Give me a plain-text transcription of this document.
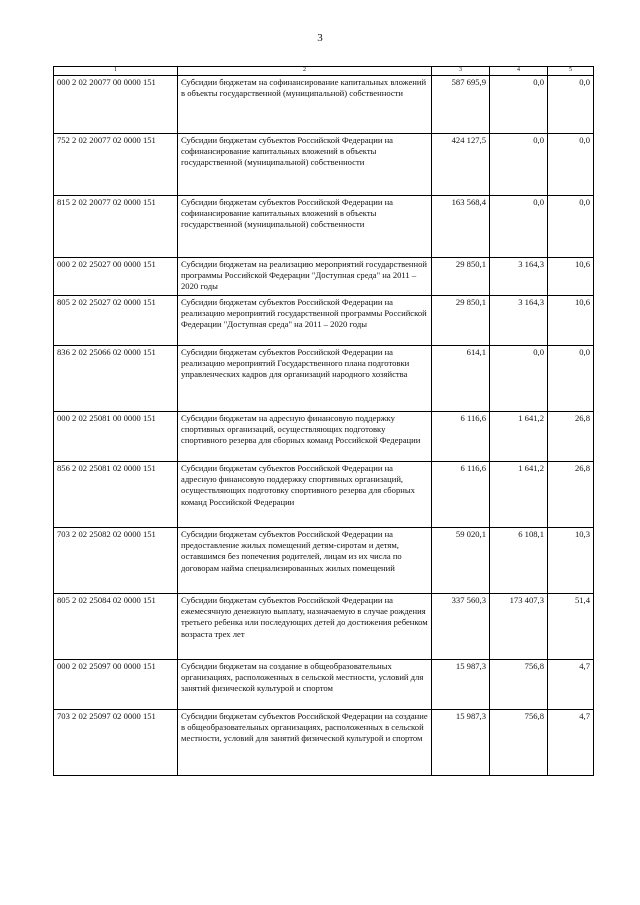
3
1	2	3	4	5
000 2 02 20077 00 0000 151	Субсидии бюджетам на софинансирование капитальных вложений в объекты государственной (муниципальной) собственности	587 695,9	0,0	0,0
752 2 02 20077 02 0000 151	Субсидии бюджетам субъектов Российской Федерации на софинансирование капитальных вложений в объекты государственной (муниципальной) собственности	424 127,5	0,0	0,0
815 2 02 20077 02 0000 151	Субсидии бюджетам субъектов Российской Федерации на софинансирование капитальных вложений в объекты государственной (муниципальной) собственности	163 568,4	0,0	0,0
000 2 02 25027 00 0000 151	Субсидии бюджетам на реализацию мероприятий государственной программы Российской Федерации "Доступная среда" на 2011 – 2020 годы	29 850,1	3 164,3	10,6
805 2 02 25027 02 0000 151	Субсидии бюджетам субъектов Российской Федерации на реализацию мероприятий государственной программы Российской Федерации "Доступная среда" на 2011 – 2020 годы	29 850,1	3 164,3	10,6
836 2 02 25066 02 0000 151	Субсидии бюджетам субъектов Российской Федерации на реализацию мероприятий Государственного плана подготовки управленческих кадров для организаций народного хозяйства	614,1	0,0	0,0
000 2 02 25081 00 0000 151	Субсидии бюджетам на адресную финансовую поддержку спортивных организаций, осуществляющих подготовку спортивного резерва для сборных команд Российской Федерации	6 116,6	1 641,2	26,8
856 2 02 25081 02 0000 151	Субсидии бюджетам субъектов Российской Федерации на адресную финансовую поддержку спортивных организаций, осуществляющих подготовку спортивного резерва для сборных команд Российской Федерации	6 116,6	1 641,2	26,8
703 2 02 25082 02 0000 151	Субсидии бюджетам субъектов Российской Федерации на предоставление жилых помещений детям-сиротам и детям, оставшимся без попечения родителей, лицам из их числа по договорам найма специализированных жилых помещений	59 020,1	6 108,1	10,3
805 2 02 25084 02 0000 151	Субсидии бюджетам субъектов Российской Федерации на ежемесячную денежную выплату, назначаемую в случае рождения третьего ребенка или последующих детей до достижения ребенком возраста трех лет	337 560,3	173 407,3	51,4
000 2 02 25097 00 0000 151	Субсидии бюджетам на создание в общеобразовательных организациях, расположенных в сельской местности, условий для занятий физической культурой и спортом	15 987,3	756,8	4,7
703 2 02 25097 02 0000 151	Субсидии бюджетам субъектов Российской Федерации на создание в общеобразовательных организациях, расположенных в сельской местности, условий для занятий физической культурой и спортом	15 987,3	756,8	4,7
